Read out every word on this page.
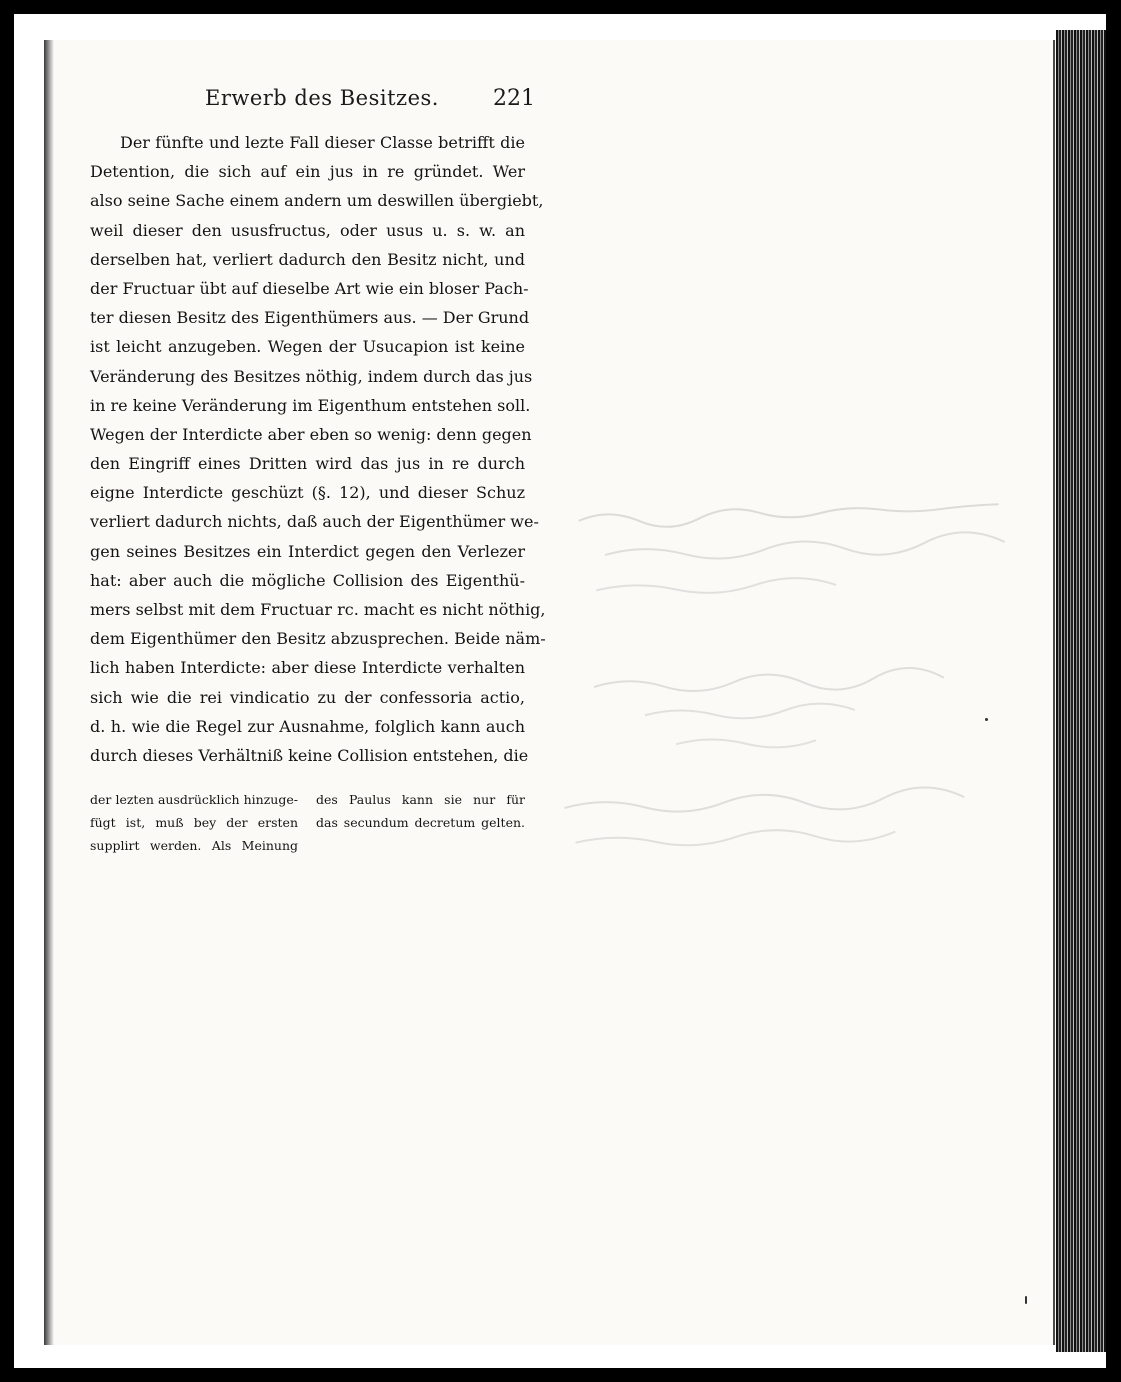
Erwerb des Besitzes. 221
Der fünfte und lezte Fall dieser Classe betrifft die
Detention, die sich auf ein jus in re gründet. Wer
also seine Sache einem andern um deswillen übergiebt,
weil dieser den ususfructus, oder usus u. s. w. an
derselben hat, verliert dadurch den Besitz nicht, und
der Fructuar übt auf dieselbe Art wie ein bloser Pach-
ter diesen Besitz des Eigenthümers aus. — Der Grund
ist leicht anzugeben. Wegen der Usucapion ist keine
Veränderung des Besitzes nöthig, indem durch das jus
in re keine Veränderung im Eigenthum entstehen soll.
Wegen der Interdicte aber eben so wenig: denn gegen
den Eingriff eines Dritten wird das jus in re durch
eigne Interdicte geschüzt (§. 12), und dieser Schuz
verliert dadurch nichts, daß auch der Eigenthümer we-
gen seines Besitzes ein Interdict gegen den Verlezer
hat: aber auch die mögliche Collision des Eigenthü-
mers selbst mit dem Fructuar rc. macht es nicht nöthig,
dem Eigenthümer den Besitz abzusprechen. Beide näm-
lich haben Interdicte: aber diese Interdicte verhalten
sich wie die rei vindicatio zu der confessoria actio,
d. h. wie die Regel zur Ausnahme, folglich kann auch
durch dieses Verhältniß keine Collision entstehen, die
der lezten ausdrücklich hinzuge-
fügt ist, muß bey der ersten
supplirt werden. Als Meinung
des Paulus kann sie nur für
das secundum decretum gelten.
